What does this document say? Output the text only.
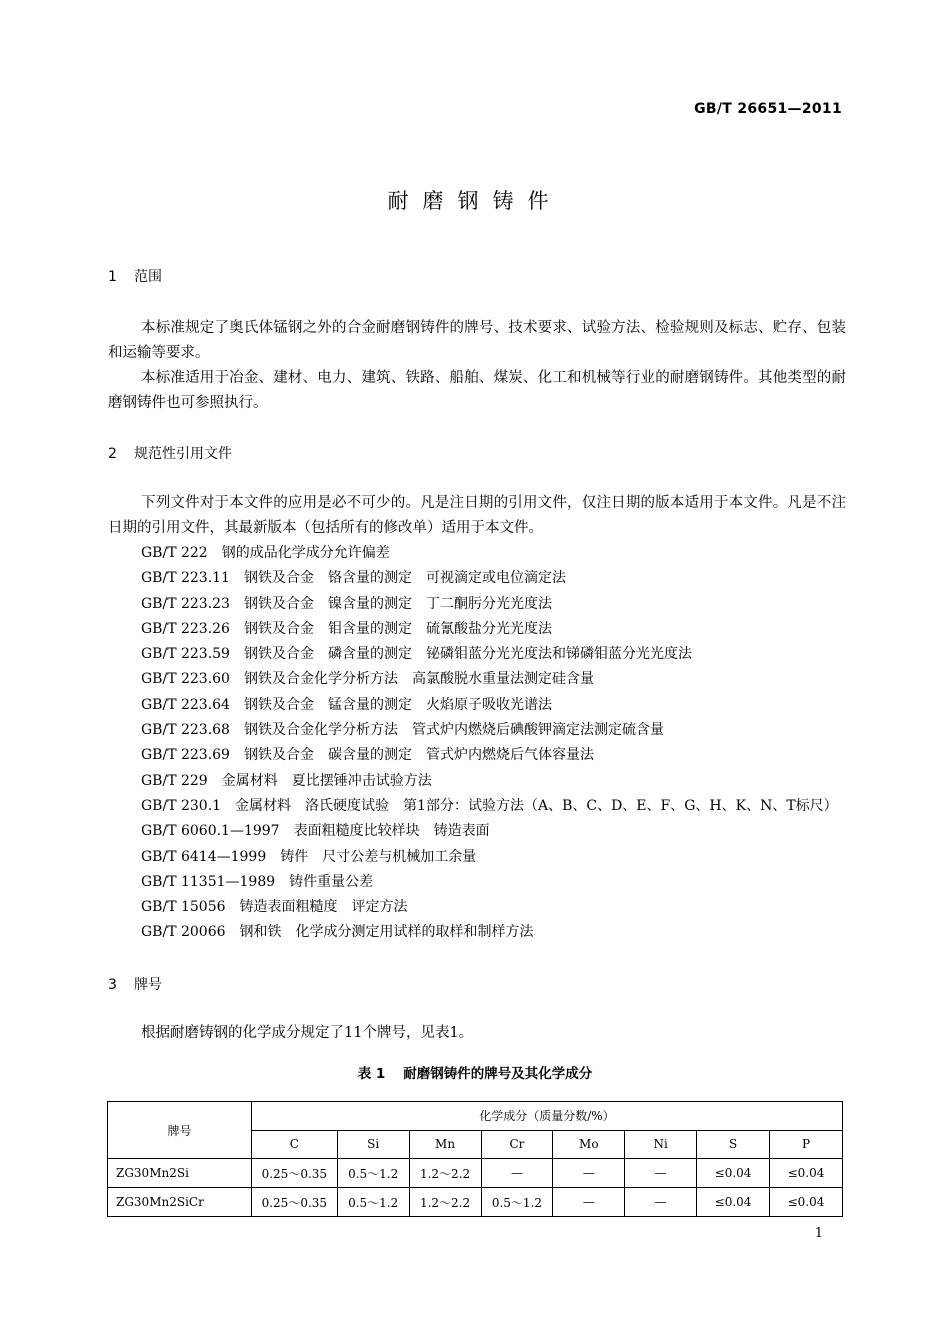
GB/T 26651—2011
耐磨钢铸件
1 范围
本标准规定了奥氏体锰钢之外的合金耐磨钢铸件的牌号、技术要求、试验方法、检验规则及标志、贮存、包装和运输等要求。
本标准适用于冶金、建材、电力、建筑、铁路、船舶、煤炭、化工和机械等行业的耐磨钢铸件。其他类型的耐磨钢铸件也可参照执行。
2 规范性引用文件
下列文件对于本文件的应用是必不可少的。凡是注日期的引用文件，仅注日期的版本适用于本文件。凡是不注日期的引用文件，其最新版本（包括所有的修改单）适用于本文件。
GB/T 222　钢的成品化学成分允许偏差
GB/T 223.11　钢铁及合金　铬含量的测定　可视滴定或电位滴定法
GB/T 223.23　钢铁及合金　镍含量的测定　丁二酮肟分光光度法
GB/T 223.26　钢铁及合金　钼含量的测定　硫氰酸盐分光光度法
GB/T 223.59　钢铁及合金　磷含量的测定　铋磷钼蓝分光光度法和锑磷钼蓝分光光度法
GB/T 223.60　钢铁及合金化学分析方法　高氯酸脱水重量法测定硅含量
GB/T 223.64　钢铁及合金　锰含量的测定　火焰原子吸收光谱法
GB/T 223.68　钢铁及合金化学分析方法　管式炉内燃烧后碘酸钾滴定法测定硫含量
GB/T 223.69　钢铁及合金　碳含量的测定　管式炉内燃烧后气体容量法
GB/T 229　金属材料　夏比摆锤冲击试验方法
GB/T 230.1　金属材料　洛氏硬度试验　第1部分：试验方法（A、B、C、D、E、F、G、H、K、N、T标尺）
GB/T 6060.1—1997　表面粗糙度比较样块　铸造表面
GB/T 6414—1999　铸件　尺寸公差与机械加工余量
GB/T 11351—1989　铸件重量公差
GB/T 15056　铸造表面粗糙度　评定方法
GB/T 20066　钢和铁　化学成分测定用试样的取样和制样方法
3 牌号
根据耐磨铸钢的化学成分规定了11个牌号，见表1。
表 1 耐磨钢铸件的牌号及其化学成分
牌号	化学成分（质量分数/%）							
	C	Si	Mn	Cr	Mo	Ni	S	P
ZG30Mn2Si	0.25～0.35	0.5～1.2	1.2～2.2	—	—	—	≤0.04	≤0.04
ZG30Mn2SiCr	0.25～0.35	0.5～1.2	1.2～2.2	0.5～1.2	—	—	≤0.04	≤0.04
1
